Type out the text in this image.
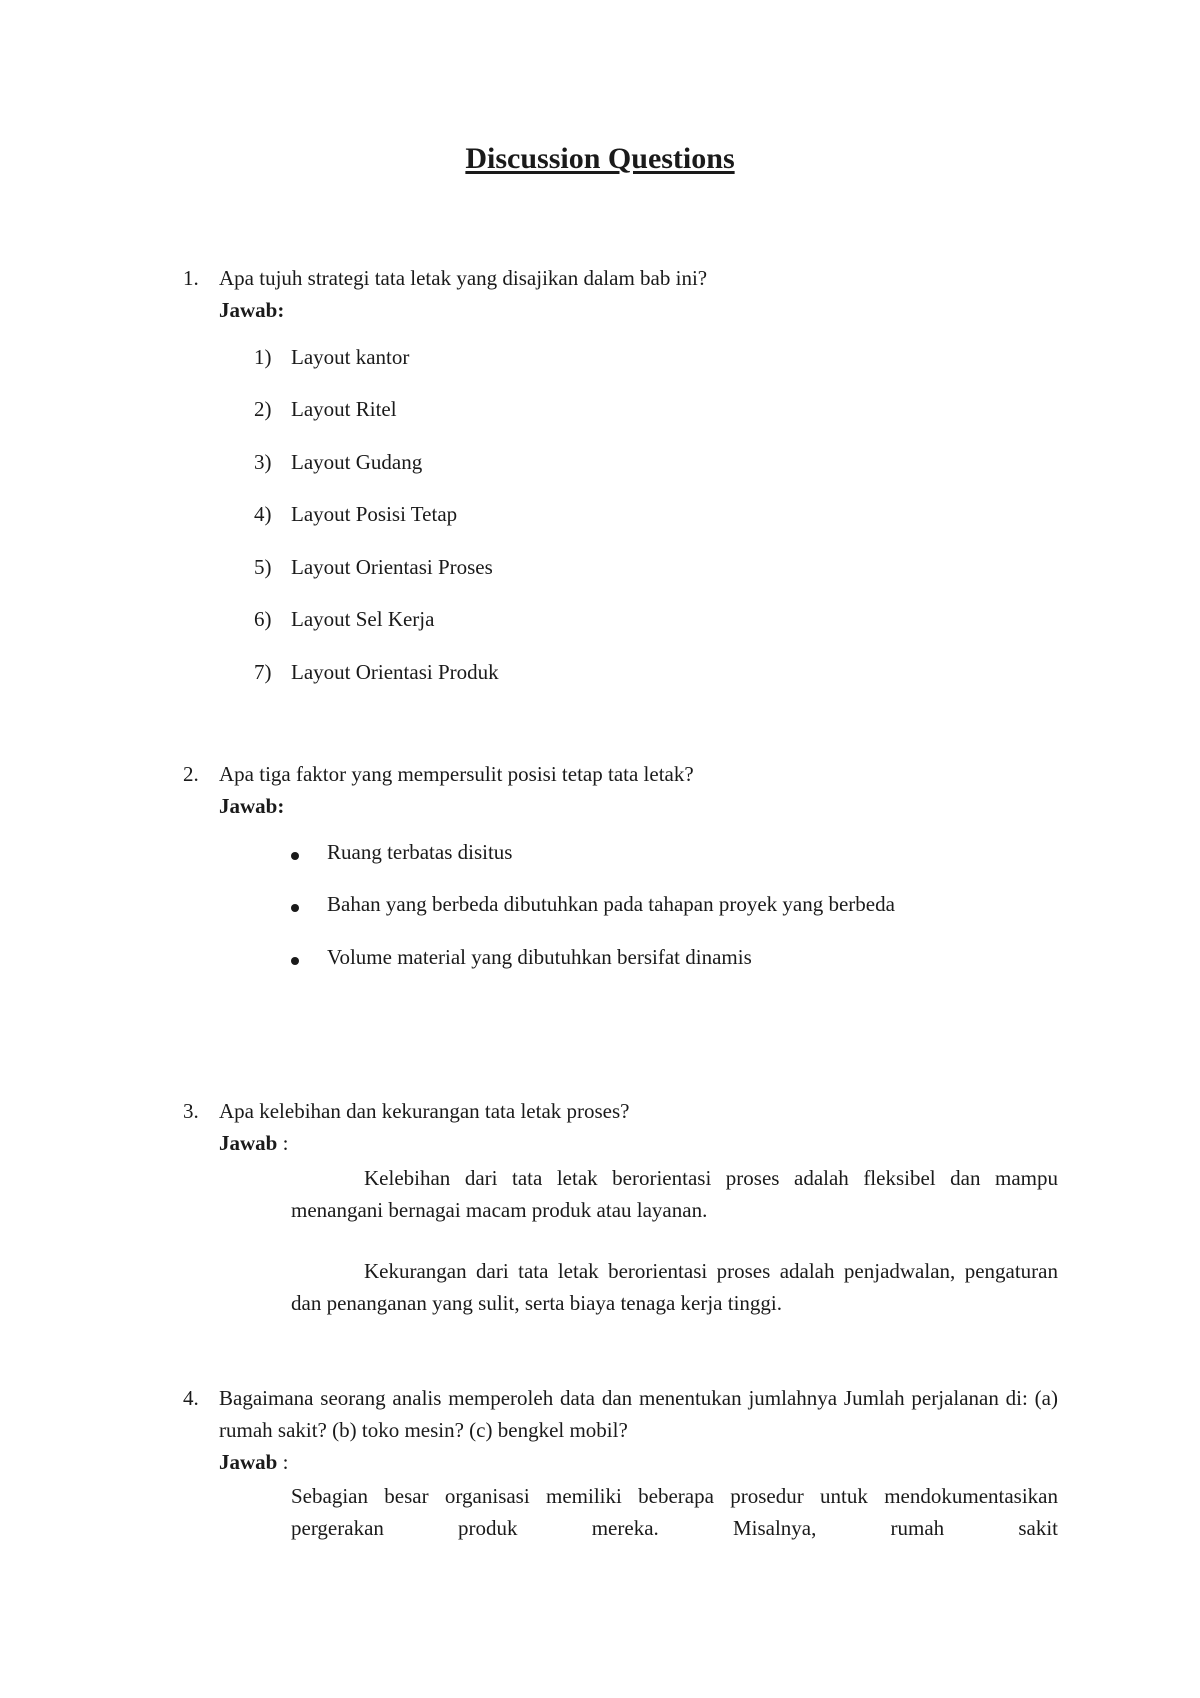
Discussion Questions
1. Apa tujuh strategi tata letak yang disajikan dalam bab ini?
Jawab:
1) Layout kantor
2) Layout Ritel
3) Layout Gudang
4) Layout Posisi Tetap
5) Layout Orientasi Proses
6) Layout Sel Kerja
7) Layout Orientasi Produk
2. Apa tiga faktor yang mempersulit posisi tetap tata letak?
Jawab:
Ruang terbatas disitus
Bahan yang berbeda dibutuhkan pada tahapan proyek yang berbeda
Volume material yang dibutuhkan bersifat dinamis
3. Apa kelebihan dan kekurangan tata letak proses?
Jawab :
Kelebihan dari tata letak berorientasi proses adalah fleksibel dan mampu menangani bernagai macam produk atau layanan.
Kekurangan dari tata letak berorientasi proses adalah penjadwalan, pengaturan dan penanganan yang sulit, serta biaya tenaga kerja tinggi.
4. Bagaimana seorang analis memperoleh data dan menentukan jumlahnya Jumlah perjalanan di: (a) rumah sakit? (b) toko mesin? (c) bengkel mobil?
Jawab :
Sebagian besar organisasi memiliki beberapa prosedur untuk mendokumentasikan pergerakan produk mereka. Misalnya, rumah sakit
